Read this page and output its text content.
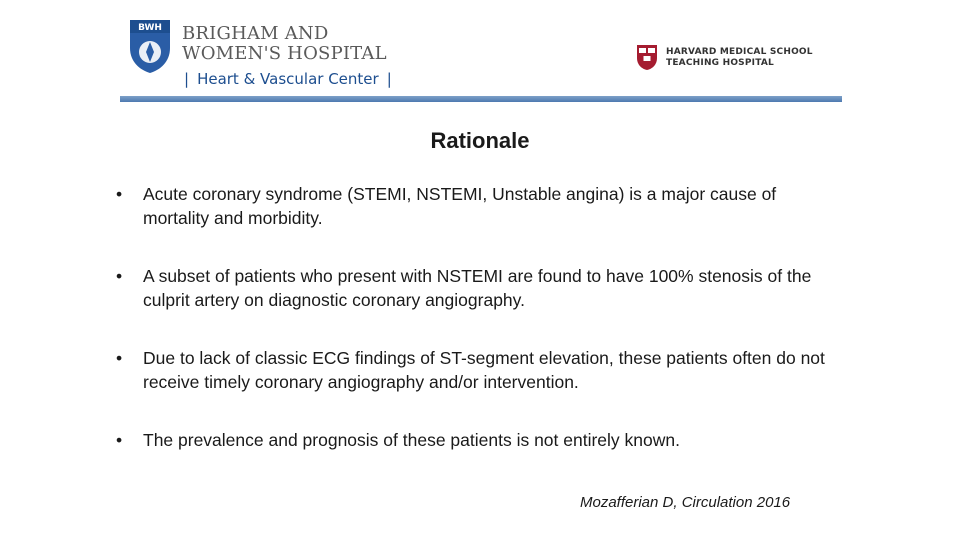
BWH BRIGHAM AND
WOMEN'S HOSPITAL
| Heart & Vascular Center |
HARVARD MEDICAL SCHOOL
TEACHING HOSPITAL
Rationale
• Acute coronary syndrome (STEMI, NSTEMI, Unstable angina) is a major cause of mortality and morbidity.
• A subset of patients who present with NSTEMI are found to have 100% stenosis of the culprit artery on diagnostic coronary angiography.
• Due to lack of classic ECG findings of ST-segment elevation, these patients often do not receive timely coronary angiography and/or intervention.
• The prevalence and prognosis of these patients is not entirely known.
Mozafferian D, Circulation 2016
